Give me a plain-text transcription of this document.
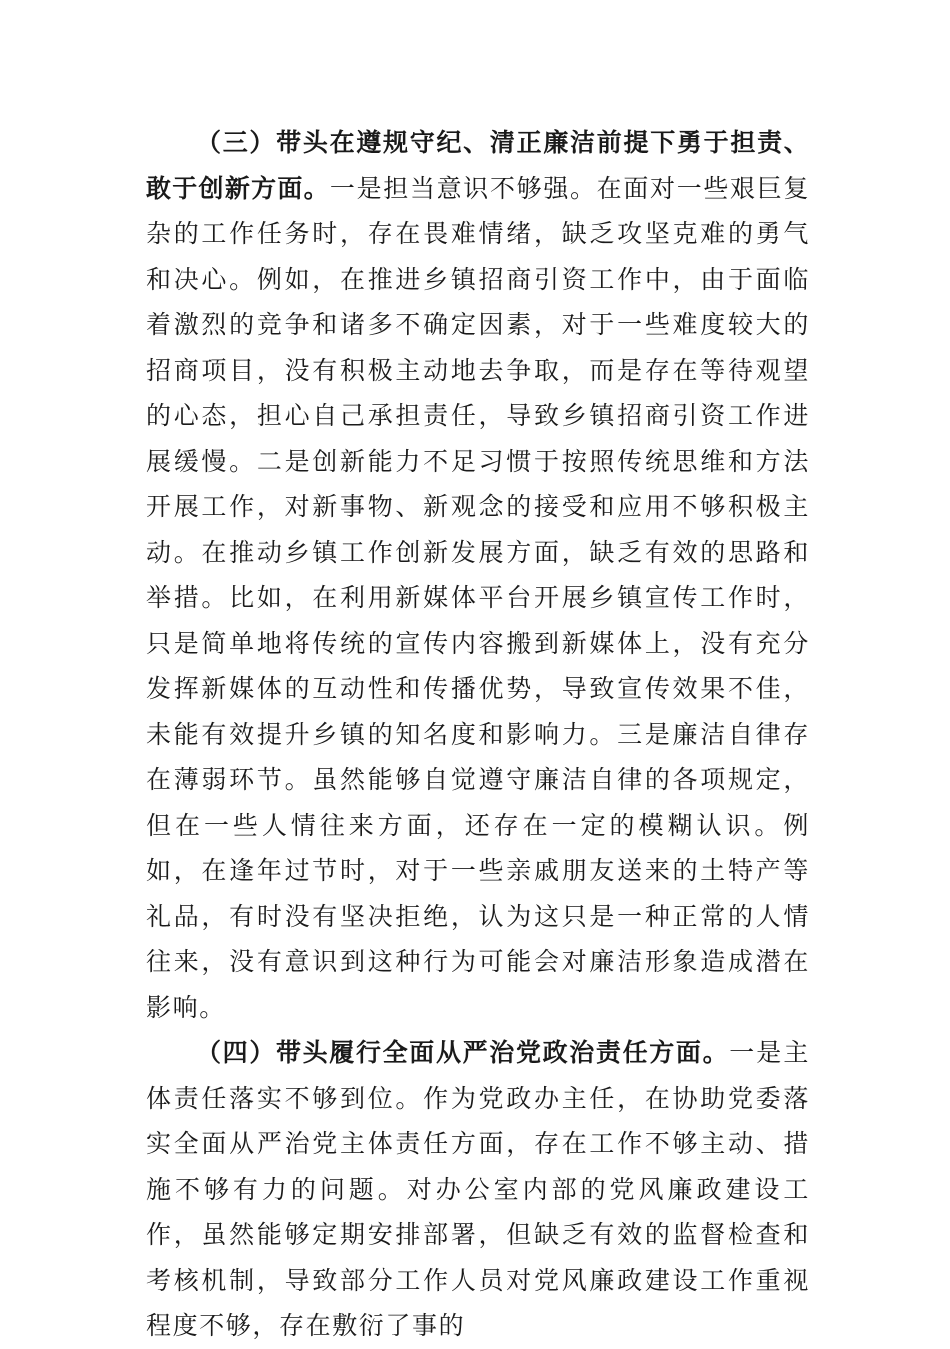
（三）带头在遵规守纪、清正廉洁前提下勇于担责、敢于创新方面。一是担当意识不够强。在面对一些艰巨复杂的工作任务时，存在畏难情绪，缺乏攻坚克难的勇气和决心。例如，在推进乡镇招商引资工作中，由于面临着激烈的竞争和诸多不确定因素，对于一些难度较大的招商项目，没有积极主动地去争取，而是存在等待观望的心态，担心自己承担责任，导致乡镇招商引资工作进展缓慢。二是创新能力不足习惯于按照传统思维和方法开展工作，对新事物、新观念的接受和应用不够积极主动。在推动乡镇工作创新发展方面，缺乏有效的思路和举措。比如，在利用新媒体平台开展乡镇宣传工作时，只是简单地将传统的宣传内容搬到新媒体上，没有充分发挥新媒体的互动性和传播优势，导致宣传效果不佳，未能有效提升乡镇的知名度和影响力。三是廉洁自律存在薄弱环节。虽然能够自觉遵守廉洁自律的各项规定，但在一些人情往来方面，还存在一定的模糊认识。例如，在逢年过节时，对于一些亲戚朋友送来的土特产等礼品，有时没有坚决拒绝，认为这只是一种正常的人情往来，没有意识到这种行为可能会对廉洁形象造成潜在影响。

（四）带头履行全面从严治党政治责任方面。一是主体责任落实不够到位。作为党政办主任，在协助党委落实全面从严治党主体责任方面，存在工作不够主动、措施不够有力的问题。对办公室内部的党风廉政建设工作，虽然能够定期安排部署，但缺乏有效的监督检查和考核机制，导致部分工作人员对党风廉政建设工作重视程度不够，存在敷衍了事的
